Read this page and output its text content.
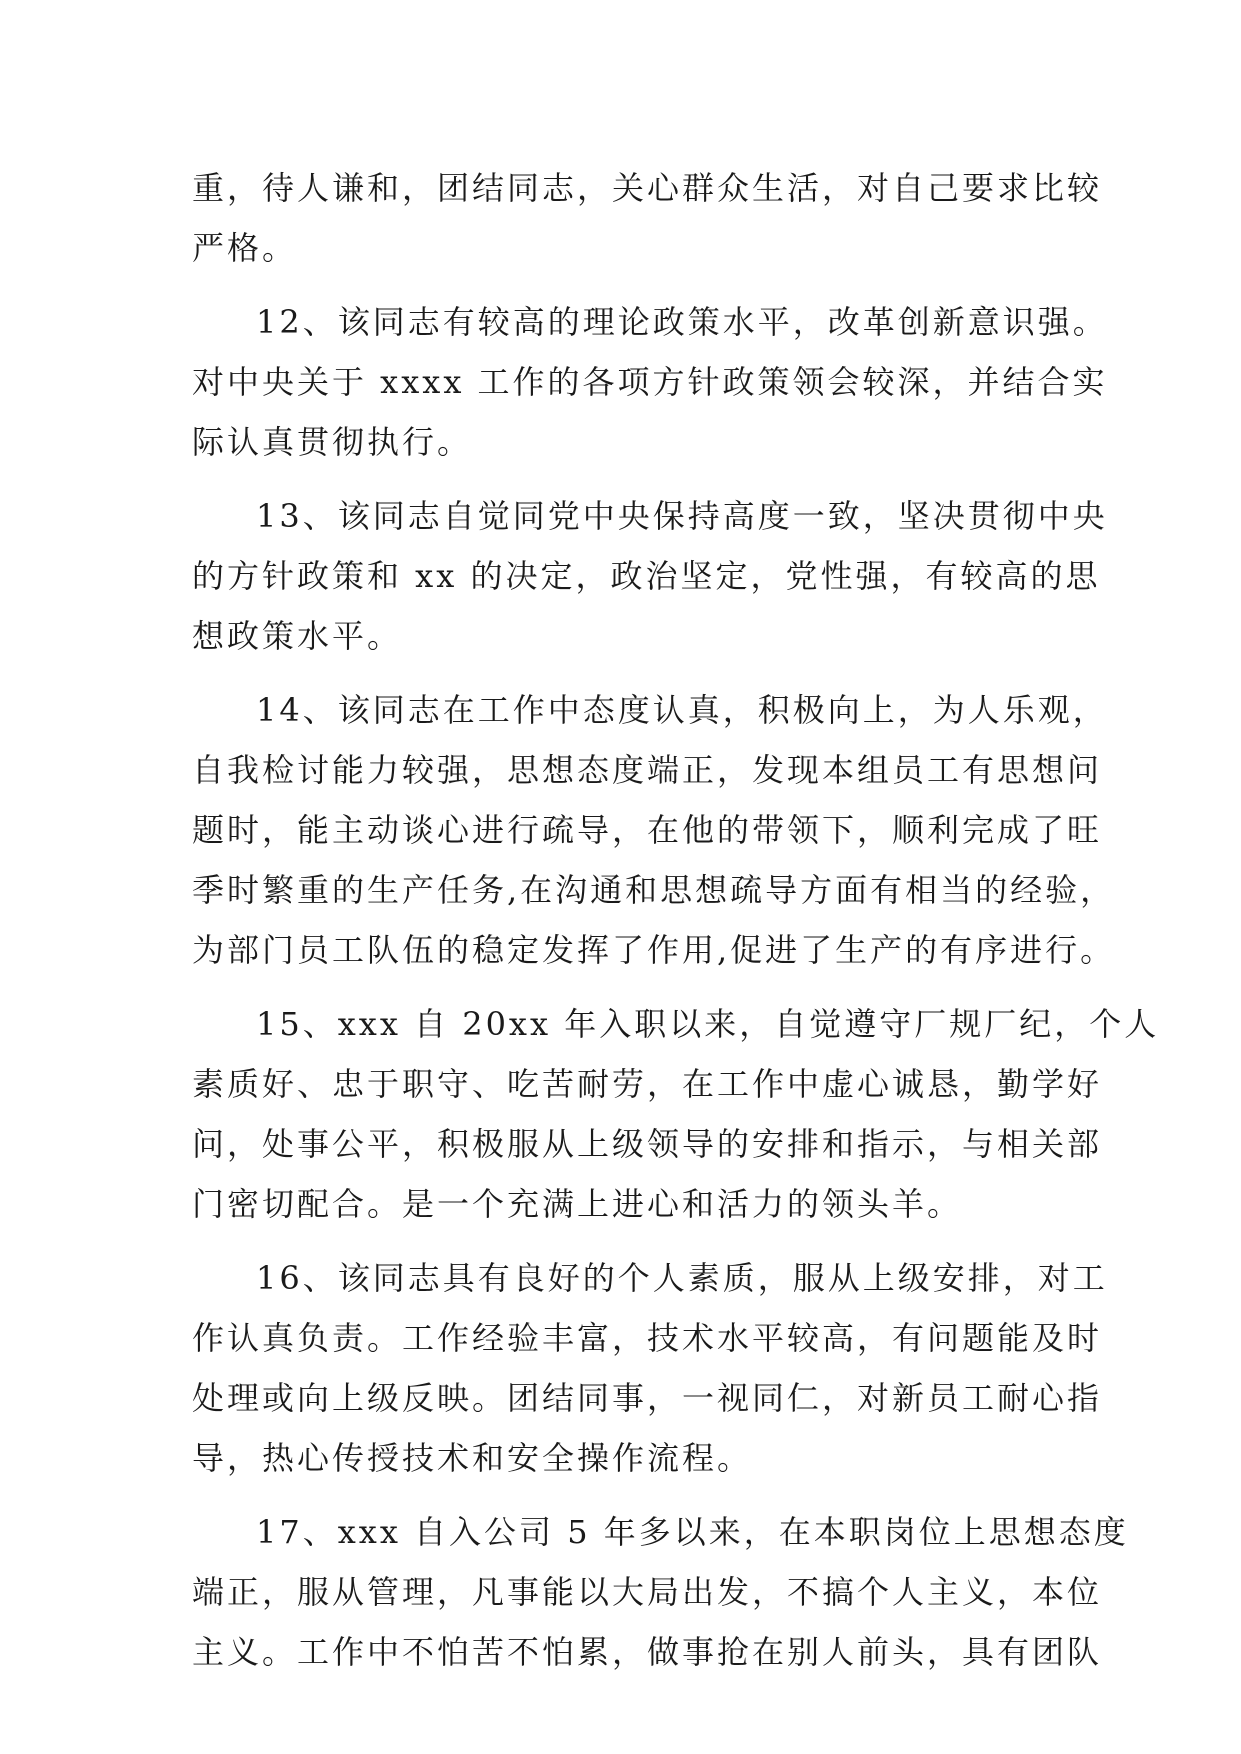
重，待人谦和，团结同志，关心群众生活，对自己要求比较
严格。
12、该同志有较高的理论政策水平，改革创新意识强。
对中央关于 xxxx 工作的各项方针政策领会较深，并结合实
际认真贯彻执行。
13、该同志自觉同党中央保持高度一致，坚决贯彻中央
的方针政策和 xx 的决定，政治坚定，党性强，有较高的思
想政策水平。
14、该同志在工作中态度认真，积极向上，为人乐观，
自我检讨能力较强，思想态度端正，发现本组员工有思想问
题时，能主动谈心进行疏导，在他的带领下，顺利完成了旺
季时繁重的生产任务,在沟通和思想疏导方面有相当的经验，
为部门员工队伍的稳定发挥了作用,促进了生产的有序进行。
15、xxx 自 20xx 年入职以来，自觉遵守厂规厂纪，个人
素质好、忠于职守、吃苦耐劳，在工作中虚心诚恳，勤学好
问，处事公平，积极服从上级领导的安排和指示，与相关部
门密切配合。是一个充满上进心和活力的领头羊。
16、该同志具有良好的个人素质，服从上级安排，对工
作认真负责。工作经验丰富，技术水平较高，有问题能及时
处理或向上级反映。团结同事，一视同仁，对新员工耐心指
导，热心传授技术和安全操作流程。
17、xxx 自入公司 5 年多以来，在本职岗位上思想态度
端正，服从管理，凡事能以大局出发，不搞个人主义，本位
主义。工作中不怕苦不怕累，做事抢在别人前头，具有团队
